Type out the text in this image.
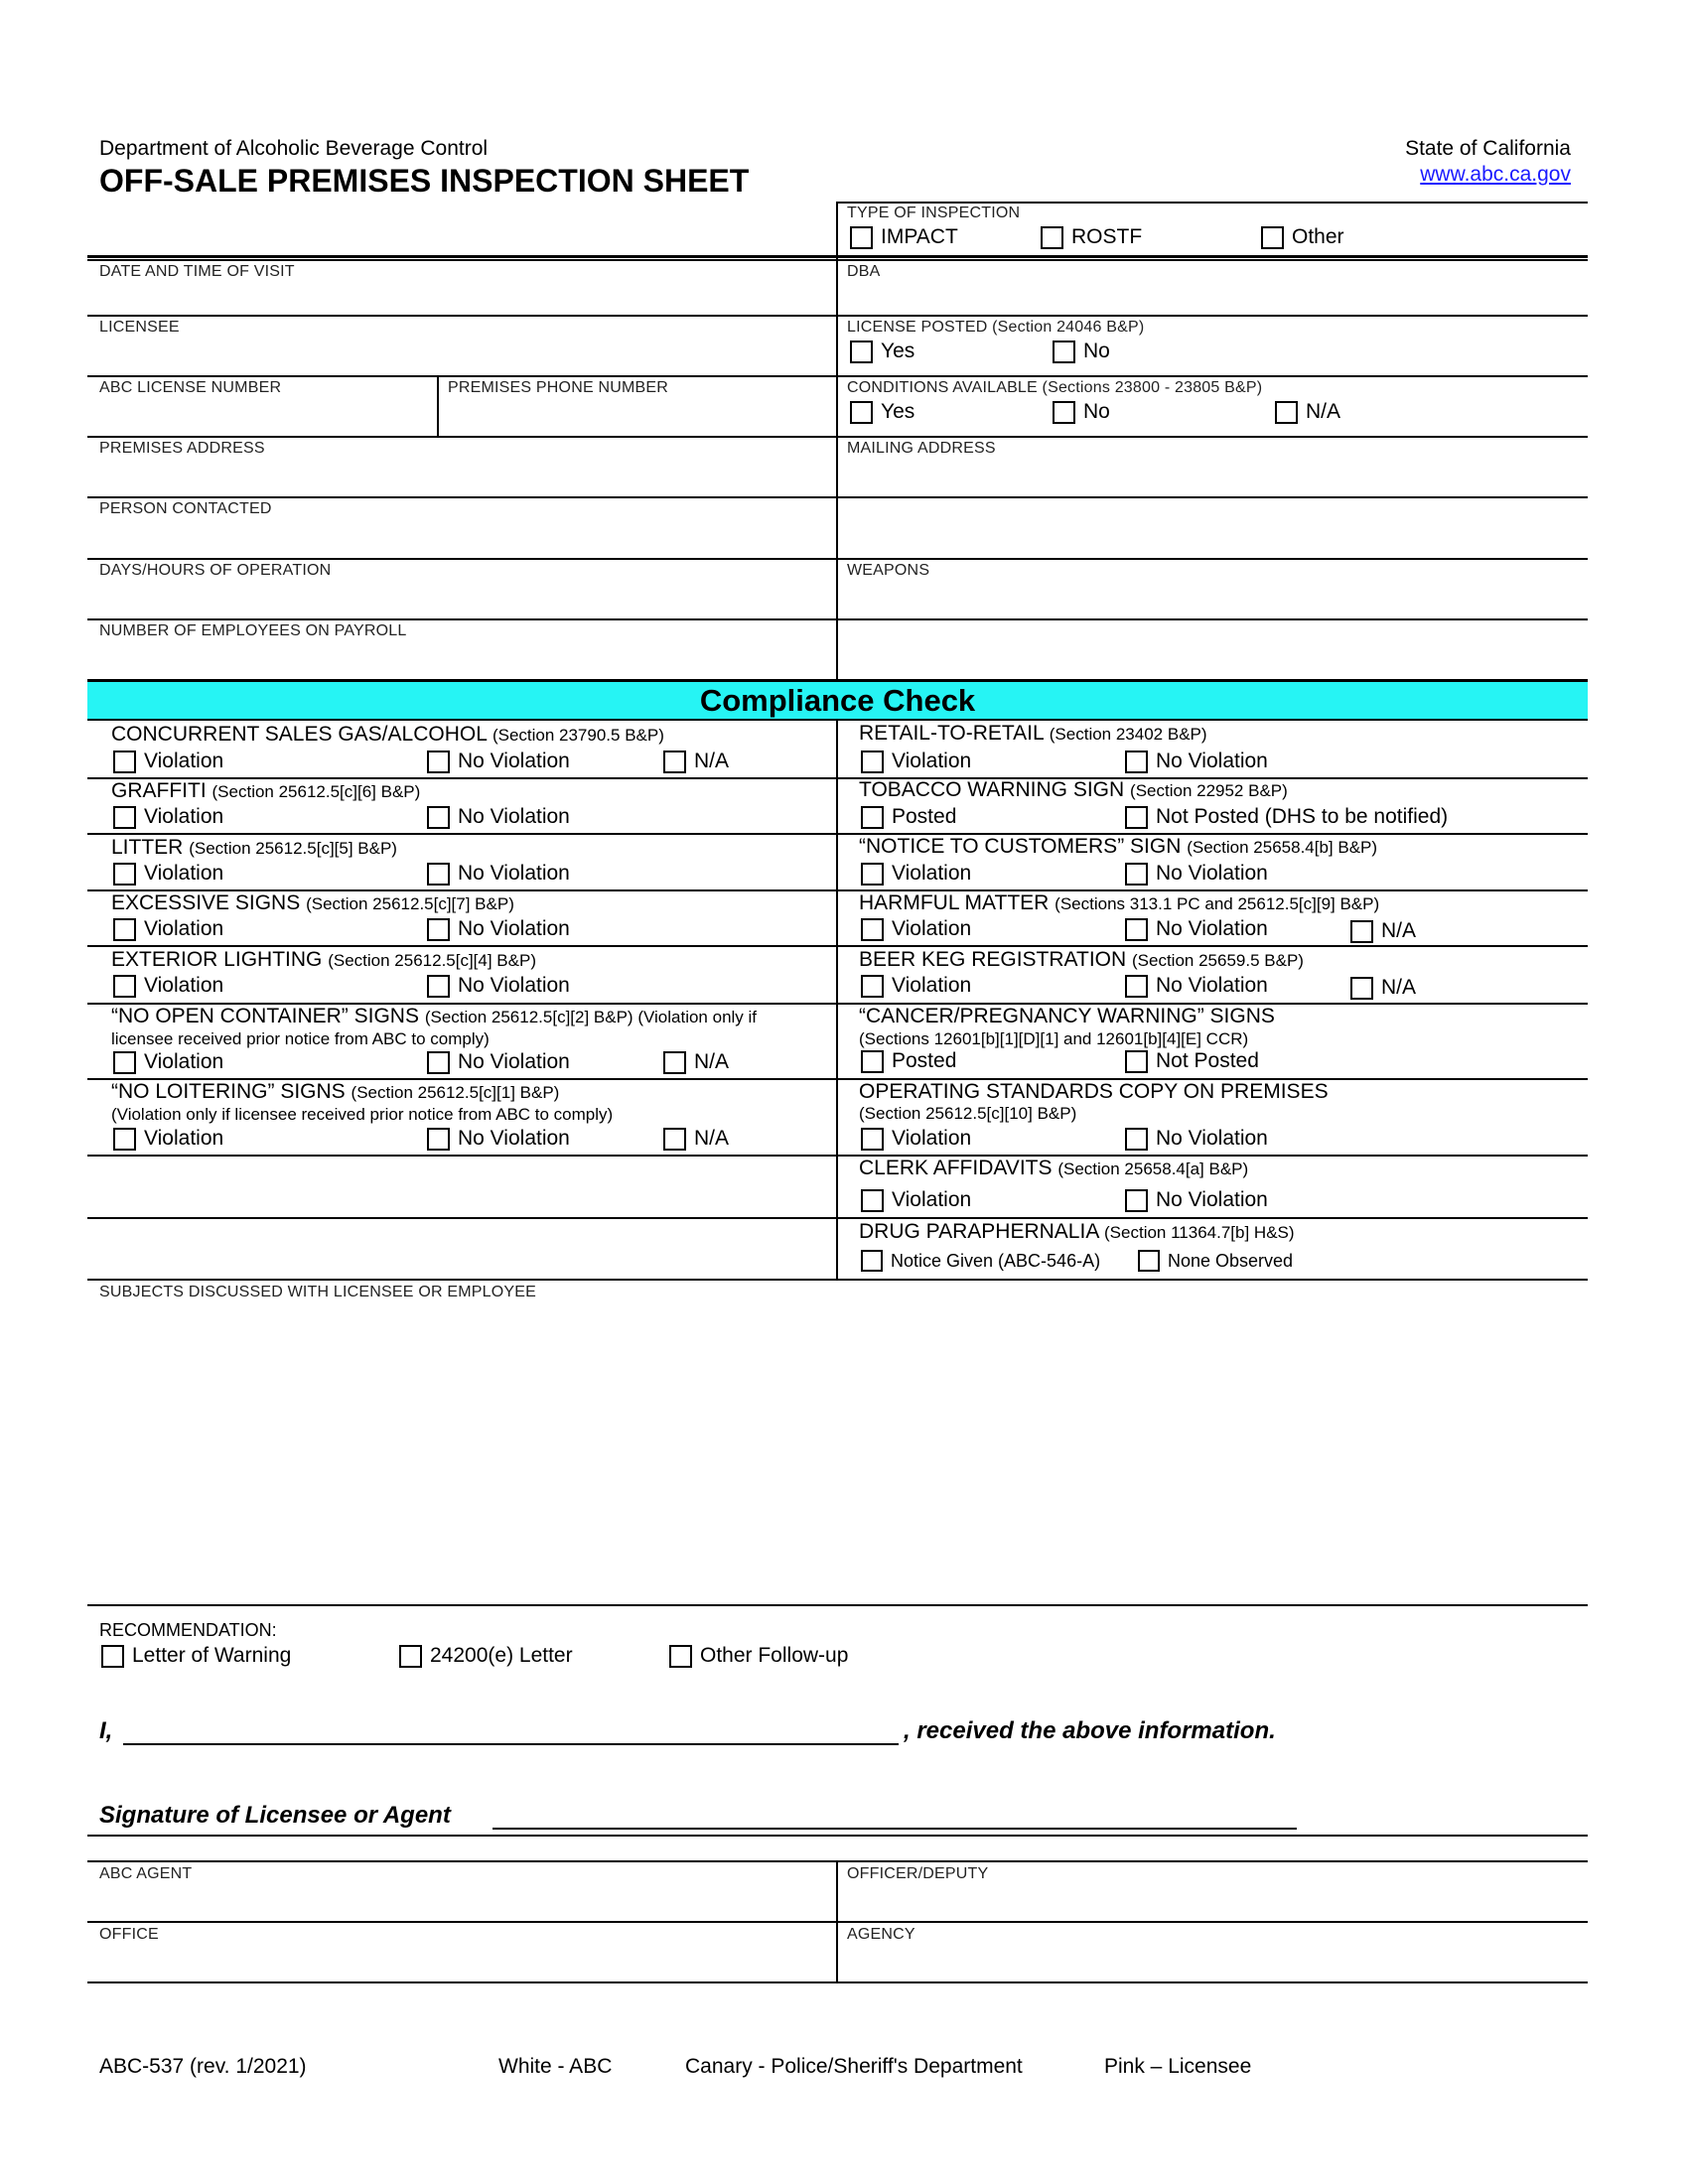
Department of Alcoholic Beverage Control
OFF-SALE PREMISES INSPECTION SHEET
State of California
www.abc.ca.gov
TYPE OF INSPECTION
IMPACT	ROSTF	Other
DATE AND TIME OF VISIT	DBA
LICENSEE	LICENSE POSTED (Section 24046 B&P)
Yes	No
ABC LICENSE NUMBER	PREMISES PHONE NUMBER	CONDITIONS AVAILABLE (Sections 23800 - 23805 B&P)
Yes	No	N/A
PREMISES ADDRESS	MAILING ADDRESS
PERSON CONTACTED
DAYS/HOURS OF OPERATION	WEAPONS
NUMBER OF EMPLOYEES ON PAYROLL
Compliance Check
CONCURRENT SALES GAS/ALCOHOL (Section 23790.5 B&P)
Violation	No Violation	N/A
GRAFFITI (Section 25612.5[c][6] B&P)
Violation	No Violation
LITTER (Section 25612.5[c][5] B&P)
Violation	No Violation
EXCESSIVE SIGNS (Section 25612.5[c][7] B&P)
Violation	No Violation
EXTERIOR LIGHTING (Section 25612.5[c][4] B&P)
Violation	No Violation
“NO OPEN CONTAINER” SIGNS (Section 25612.5[c][2] B&P) (Violation only if
licensee received prior notice from ABC to comply)
Violation	No Violation	N/A
“NO LOITERING” SIGNS (Section 25612.5[c][1] B&P)
(Violation only if licensee received prior notice from ABC to comply)
Violation	No Violation	N/A
RETAIL-TO-RETAIL (Section 23402 B&P)
Violation	No Violation
TOBACCO WARNING SIGN (Section 22952 B&P)
Posted	Not Posted (DHS to be notified)
“NOTICE TO CUSTOMERS” SIGN (Section 25658.4[b] B&P)
Violation	No Violation
HARMFUL MATTER (Sections 313.1 PC and 25612.5[c][9] B&P)
Violation	No Violation	N/A
BEER KEG REGISTRATION (Section 25659.5 B&P)
Violation	No Violation	N/A
“CANCER/PREGNANCY WARNING” SIGNS
(Sections 12601[b][1][D][1] and 12601[b][4][E] CCR)
Posted	Not Posted
OPERATING STANDARDS COPY ON PREMISES
(Section 25612.5[c][10] B&P)
Violation	No Violation
CLERK AFFIDAVITS (Section 25658.4[a] B&P)
Violation	No Violation
DRUG PARAPHERNALIA (Section 11364.7[b] H&S)
Notice Given (ABC-546-A)	None Observed
SUBJECTS DISCUSSED WITH LICENSEE OR EMPLOYEE
RECOMMENDATION:
Letter of Warning	24200(e) Letter	Other Follow-up
I,	, received the above information.
Signature of Licensee or Agent
ABC AGENT	OFFICER/DEPUTY
OFFICE	AGENCY
ABC-537 (rev. 1/2021)	White - ABC	Canary - Police/Sheriff's Department	Pink – Licensee
